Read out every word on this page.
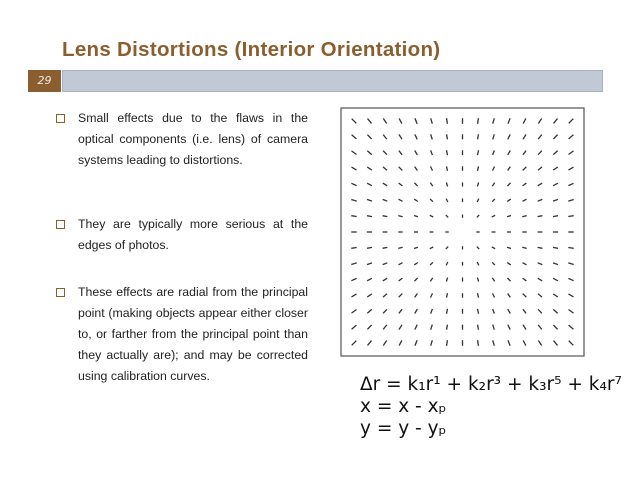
Lens Distortions (Interior Orientation)
29
Small effects due to the flaws in the optical components (i.e. lens) of camera systems leading to distortions.
They are typically more serious at the edges of photos.
These effects are radial from the principal point (making objects appear either closer to, or farther from the principal point than they actually are); and may be corrected using calibration curves.	Δr = k₁r¹ + k₂r³ + k₃r⁵ + k₄r⁷
x = x - xₚ
y = y - yₚ
